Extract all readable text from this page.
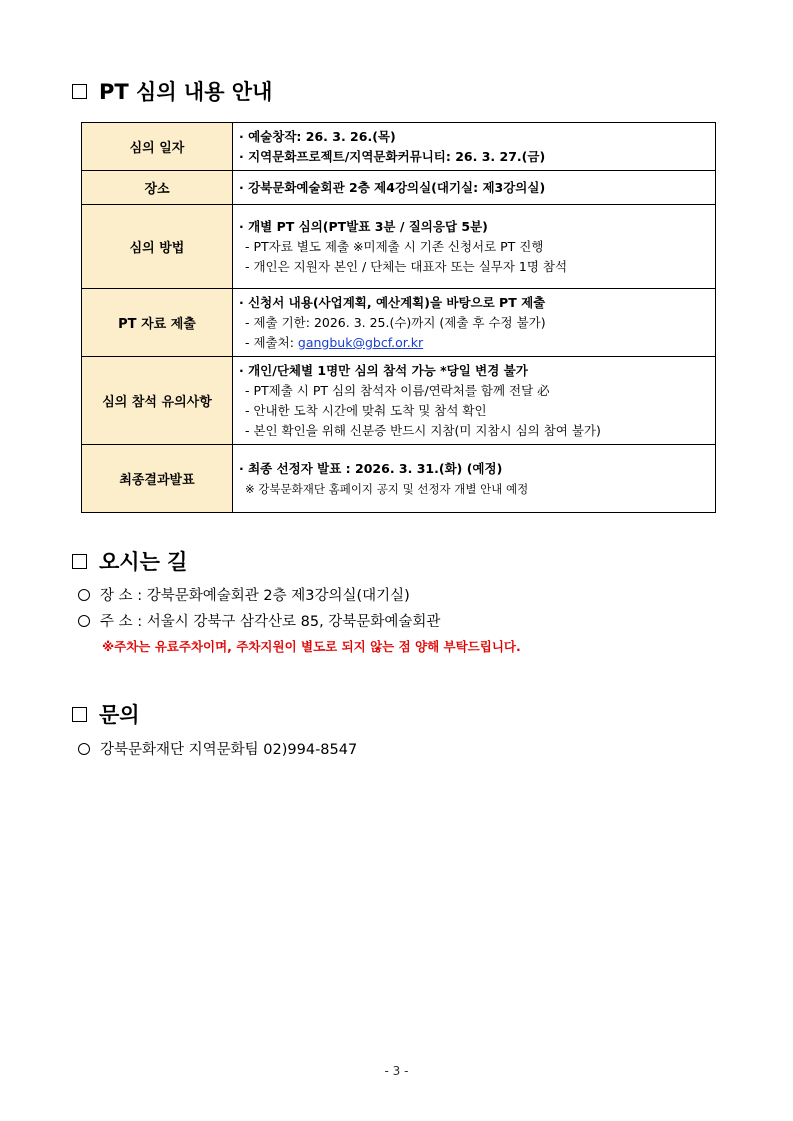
PT 심의 내용 안내
심의 일자	· 예술창작: 26. 3. 26.(목)
· 지역문화프로젝트/지역문화커뮤니티: 26. 3. 27.(금)

장소	· 강북문화예술회관 2층 제4강의실(대기실: 제3강의실)

심의 방법	· 개별 PT 심의(PT발표 3분 / 질의응답 5분)
- PT자료 별도 제출 ※미제출 시 기존 신청서로 PT 진행
- 개인은 지원자 본인 / 단체는 대표자 또는 실무자 1명 참석

PT 자료 제출	· 신청서 내용(사업계획, 예산계획)을 바탕으로 PT 제출
- 제출 기한: 2026. 3. 25.(수)까지 (제출 후 수정 불가)
- 제출처: gangbuk@gbcf.or.kr

심의 참석 유의사항	· 개인/단체별 1명만 심의 참석 가능 *당일 변경 불가
- PT제출 시 PT 심의 참석자 이름/연락처를 함께 전달 必
- 안내한 도착 시간에 맞춰 도착 및 참석 확인
- 본인 확인을 위해 신분증 반드시 지참(미 지참시 심의 참여 불가)

최종결과발표	· 최종 선정자 발표 : 2026. 3. 31.(화) (예정)
※ 강북문화재단 홈페이지 공지 및 선정자 개별 안내 예정
오시는 길
장 소 : 강북문화예술회관 2층 제3강의실(대기실)
주 소 : 서울시 강북구 삼각산로 85, 강북문화예술회관
※주차는 유료주차이며, 주차지원이 별도로 되지 않는 점 양해 부탁드립니다.
문의
강북문화재단 지역문화팀 02)994-8547
- 3 -
